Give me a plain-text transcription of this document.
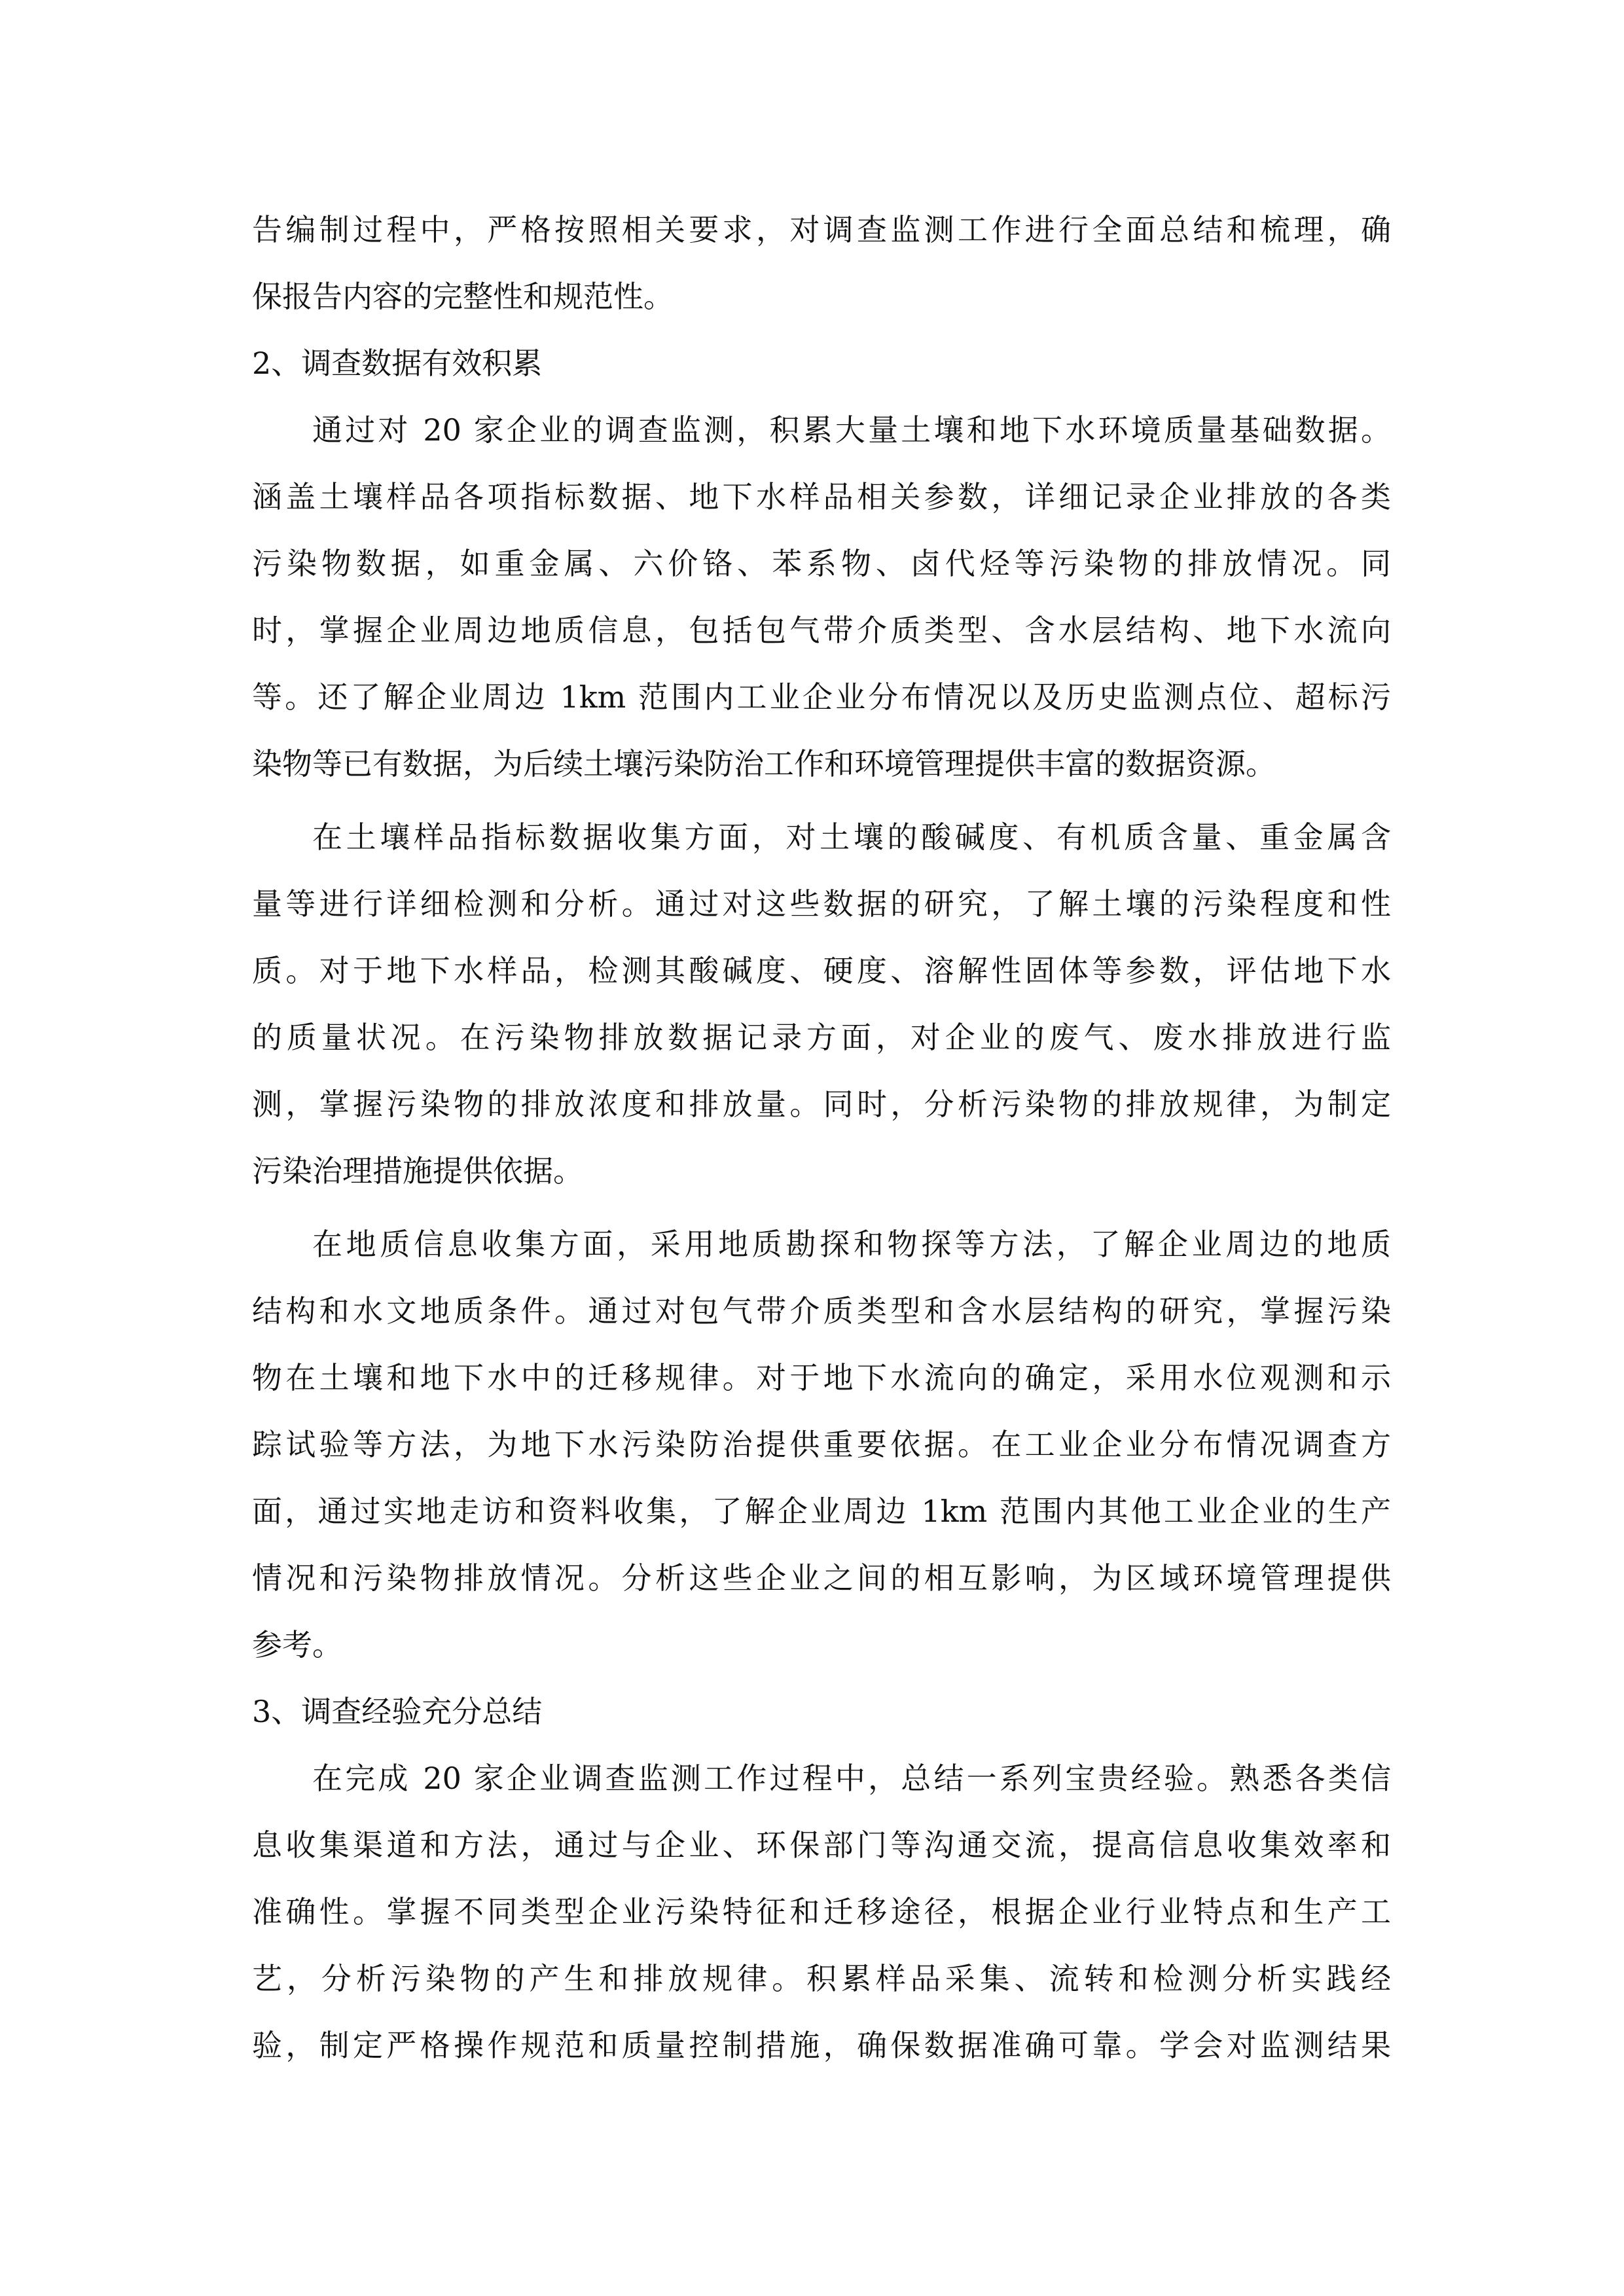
告编制过程中，严格按照相关要求，对调查监测工作进行全面总结和梳理，确
保报告内容的完整性和规范性。
2、调查数据有效积累
通过对 20 家企业的调查监测，积累大量土壤和地下水环境质量基础数据。
涵盖土壤样品各项指标数据、地下水样品相关参数，详细记录企业排放的各类
污染物数据，如重金属、六价铬、苯系物、卤代烃等污染物的排放情况。同
时，掌握企业周边地质信息，包括包气带介质类型、含水层结构、地下水流向
等。还了解企业周边 1km 范围内工业企业分布情况以及历史监测点位、超标污
染物等已有数据，为后续土壤污染防治工作和环境管理提供丰富的数据资源。
在土壤样品指标数据收集方面，对土壤的酸碱度、有机质含量、重金属含
量等进行详细检测和分析。通过对这些数据的研究，了解土壤的污染程度和性
质。对于地下水样品，检测其酸碱度、硬度、溶解性固体等参数，评估地下水
的质量状况。在污染物排放数据记录方面，对企业的废气、废水排放进行监
测，掌握污染物的排放浓度和排放量。同时，分析污染物的排放规律，为制定
污染治理措施提供依据。
在地质信息收集方面，采用地质勘探和物探等方法，了解企业周边的地质
结构和水文地质条件。通过对包气带介质类型和含水层结构的研究，掌握污染
物在土壤和地下水中的迁移规律。对于地下水流向的确定，采用水位观测和示
踪试验等方法，为地下水污染防治提供重要依据。在工业企业分布情况调查方
面，通过实地走访和资料收集，了解企业周边 1km 范围内其他工业企业的生产
情况和污染物排放情况。分析这些企业之间的相互影响，为区域环境管理提供
参考。
3、调查经验充分总结
在完成 20 家企业调查监测工作过程中，总结一系列宝贵经验。熟悉各类信
息收集渠道和方法，通过与企业、环保部门等沟通交流，提高信息收集效率和
准确性。掌握不同类型企业污染特征和迁移途径，根据企业行业特点和生产工
艺，分析污染物的产生和排放规律。积累样品采集、流转和检测分析实践经
验，制定严格操作规范和质量控制措施，确保数据准确可靠。学会对监测结果
